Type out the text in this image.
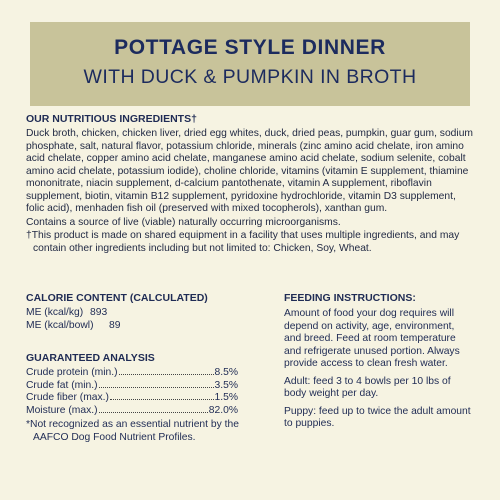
POTTAGE STYLE DINNER
WITH DUCK & PUMPKIN IN BROTH
OUR NUTRITIOUS INGREDIENTS†

Duck broth, chicken, chicken liver, dried egg whites, duck, dried peas, pumpkin, guar gum, sodium phosphate, salt, natural flavor, potassium chloride, minerals (zinc amino acid chelate, iron amino acid chelate, copper amino acid chelate, manganese amino acid chelate, sodium selenite, cobalt amino acid chelate, potassium iodide), choline chloride, vitamins (vitamin E supplement, thiamine mononitrate, niacin supplement, d-calcium pantothenate, vitamin A supplement, riboflavin supplement, biotin, vitamin B12 supplement, pyridoxine hydrochloride, vitamin D3 supplement, folic acid), menhaden fish oil (preserved with mixed tocopherols), xanthan gum.

Contains a source of live (viable) naturally occurring microorganisms.

†This product is made on shared equipment in a facility that uses multiple ingredients, and may contain other ingredients including but not limited to: Chicken, Soy, Wheat.

CALORIE CONTENT (CALCULATED)
ME (kcal/kg) 893
ME (kcal/bowl)	89
GUARANTEED ANALYSIS
Crude protein (min.)	8.5%
Crude fat (min.)	3.5%
Crude fiber (max.)	1.5%
Moisture (max.)	82.0%
*Not recognized as an essential nutrient by the AAFCO Dog Food Nutrient Profiles.
FEEDING INSTRUCTIONS:

Amount of food your dog requires will depend on activity, age, environment, and breed. Feed at room temperature and refrigerate unused portion. Always provide access to clean fresh water.

Adult: feed 3 to 4 bowls per 10 lbs of body weight per day.

Puppy: feed up to twice the adult amount to puppies.
